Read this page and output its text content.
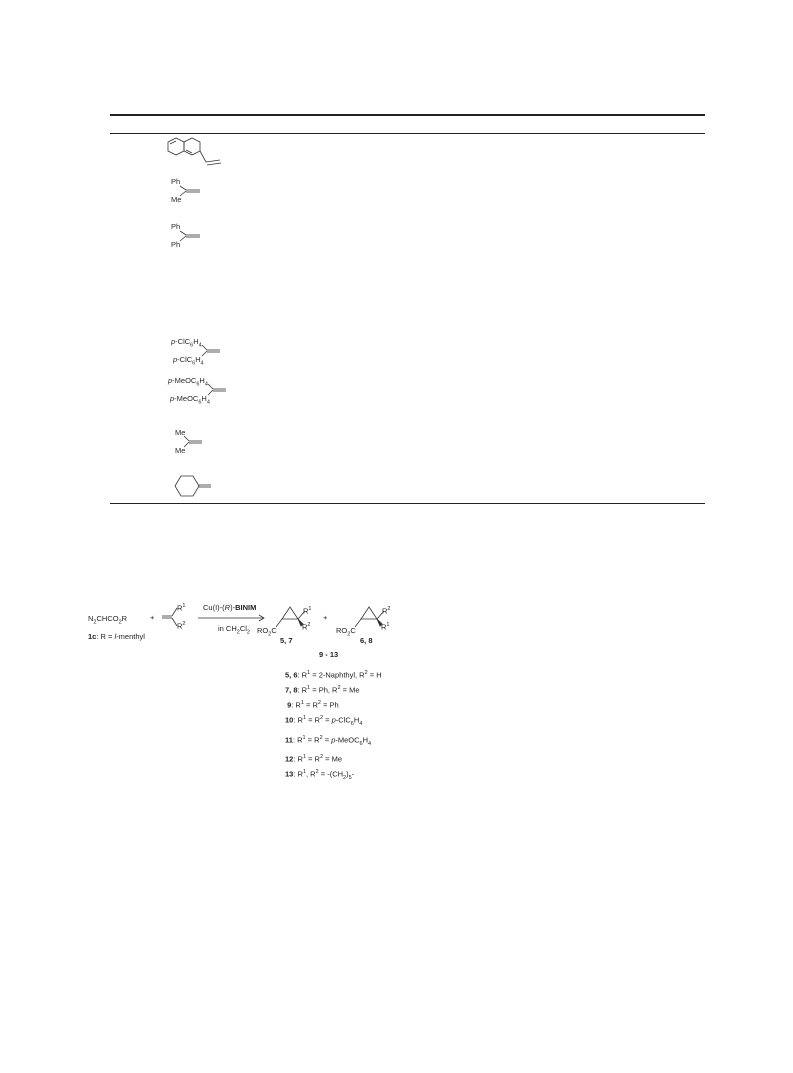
Ph
Me
Ph
Ph
$p-ClC_6H_4$
$p-ClC_6H_4$
$p-MeOC_6H_4$
$p-MeOC_6H_4$
Me
Me
$N_2CHCO_2R$	+
1c: R = l-menthyl
$R^1$
$R^2$
Cu(I)-(R)-BINIM
in $CH_2Cl_2$
$R^1$
$R^2$
$RO_2C$
5, 7
+
$R^2$
$R^1$
$RO_2C$
6, 8
9 - 13
5, 6: $R^1$ = 2-Naphthyl, $R^2 = H$
7, 8: $R^1 = Ph$, $R^2 = Me$
9: $R^1 = R^2 = Ph$
10: $R^1 = R^2 = p-ClC_6H_4$
11: $R^1 = R^2$ = $p-MeOC_6H_4$
12: $R^1 = R^2 = Me$
13: $R^1$, $R^2 = -(CH_2)_5-$
